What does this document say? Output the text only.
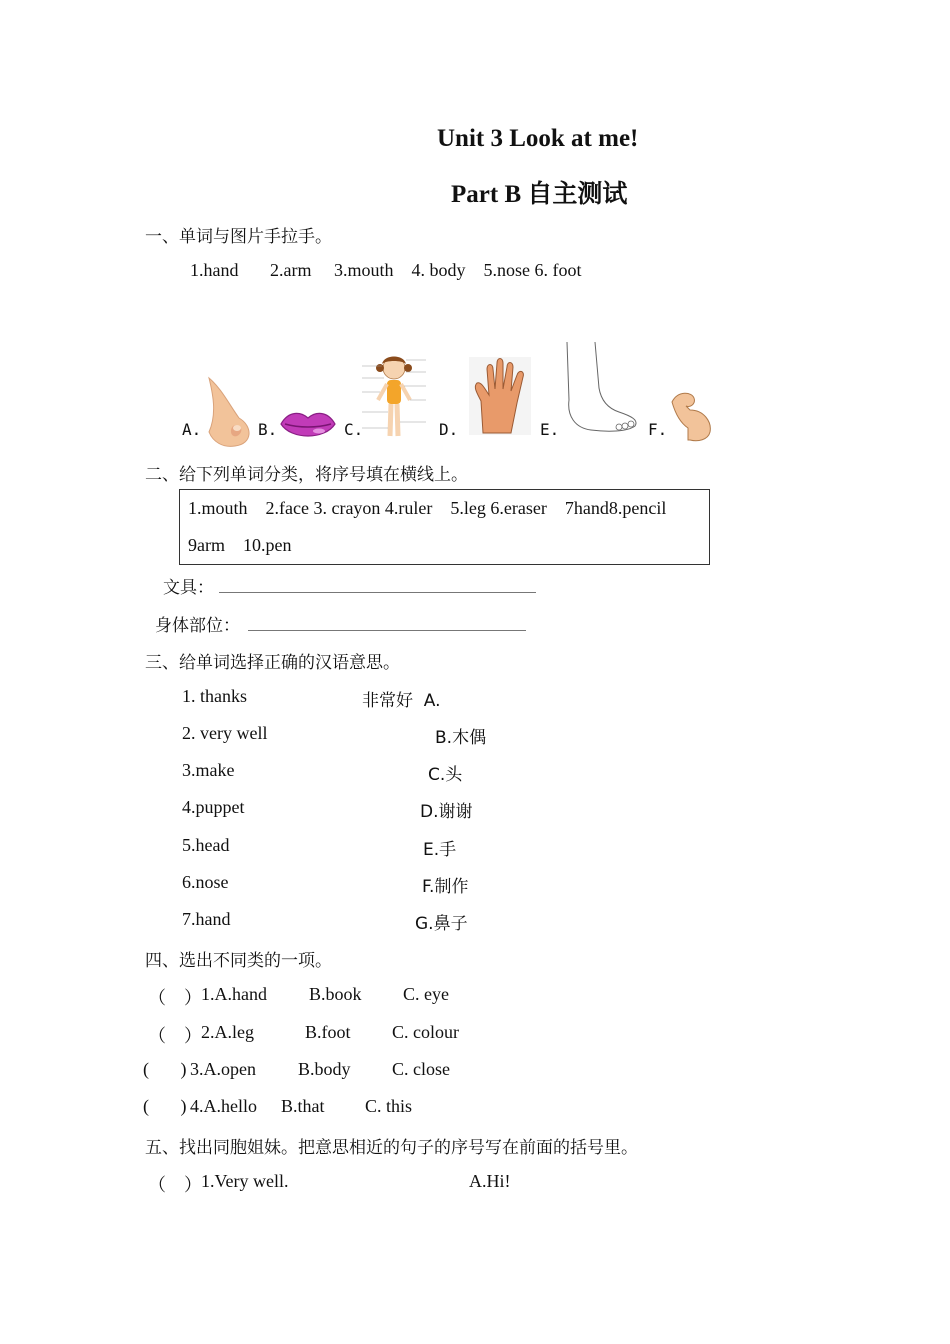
Unit 3 Look at me!
Part B 自主测试
一、单词与图片手拉手。
1.hand       2.arm     3.mouth    4. body    5.nose 6. foot
A.	B.	C.	D.	E.	F.
二、给下列单词分类，将序号填在横线上。
1.mouth    2.face 3. crayon 4.ruler    5.leg 6.eraser    7hand8.pencil
9arm    10.pen
文具：
身体部位：
三、给单词选择正确的汉语意思。
1. thanks	非常好  A.
2. very well	B.木偶
3.make	C.头
4.puppet	D.谢谢
5.head	E.手
6.nose	F.制作
7.hand	G.鼻子
四、选出不同类的一项。
（    ） 1.A.hand B.book C. eye
（    ） 2.A.leg	B.foot C. colour
(       ) 3.A.open B.body C. close
(       ) 4.A.hello B.that C. this
五、找出同胞姐妹。把意思相近的句子的序号写在前面的括号里。
（    ） 1.Very well.	A.Hi!
